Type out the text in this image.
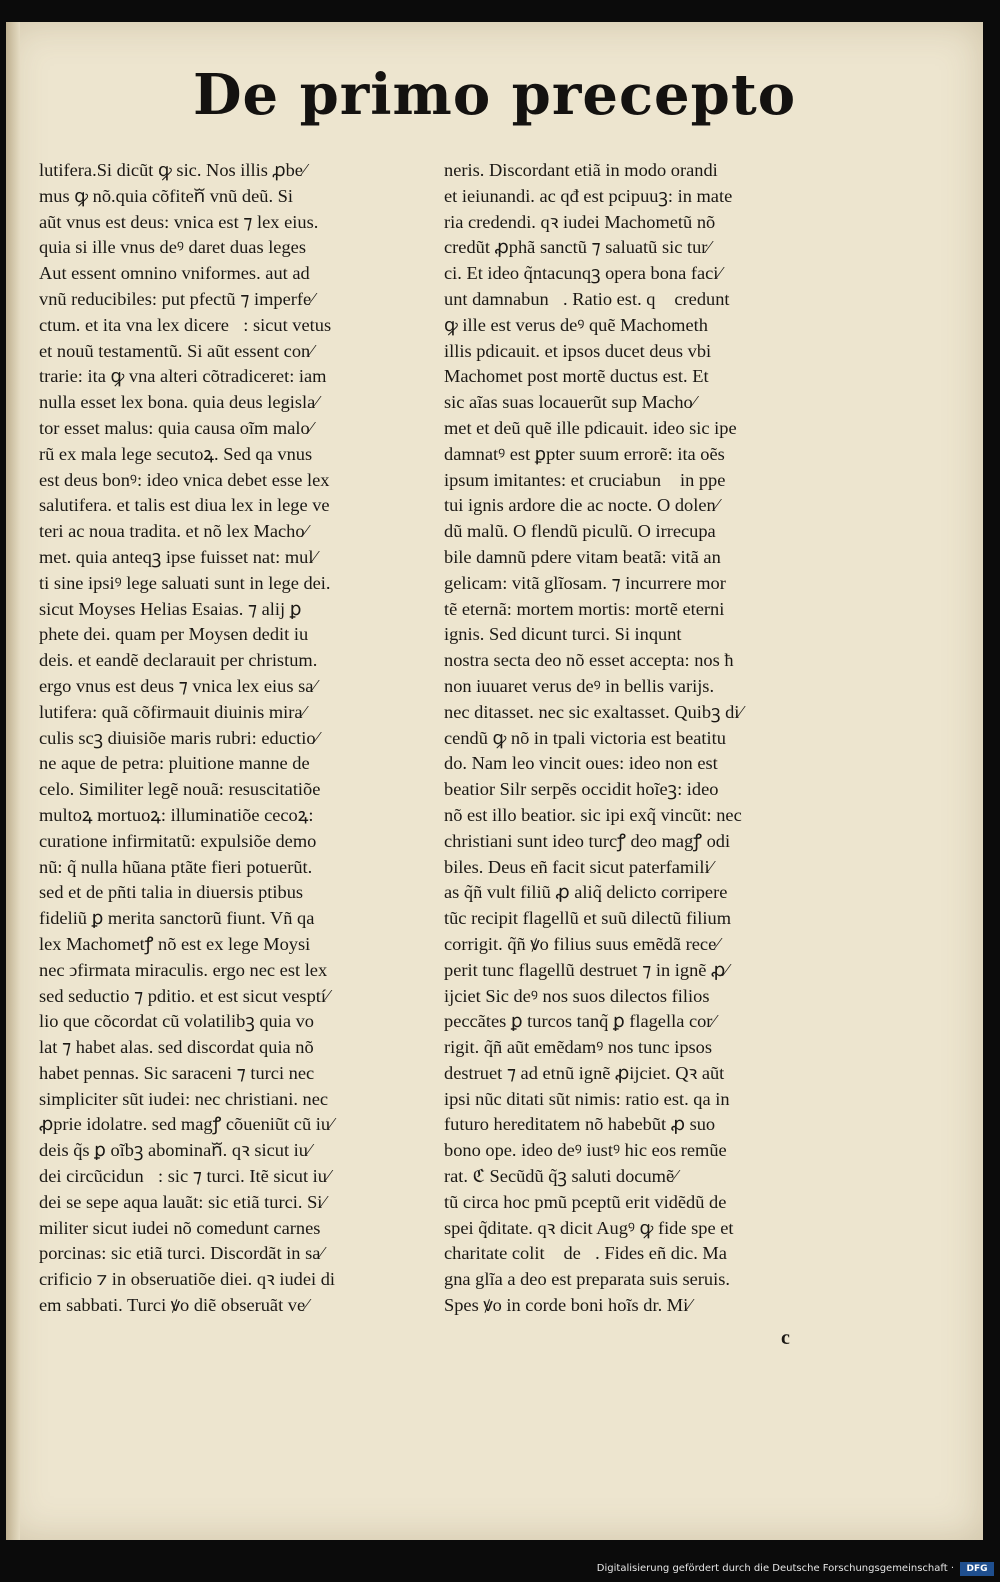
De primo precepto
lutifera.Si dicũt ꝙ sic. Nos illis ꝓbe⁄
mus ꝙ nõ.quia cõfitenᷓ vnũ deũ. Si
aũt vnus est deus: vnica est ⁊ lex eius.
quia si ille vnus deꝰ daret duas leges
Aut essent omnino vniformes. aut ad
vnũ reducibiles: put pfectũ ⁊ imperfe⁄
ctum. et ita vna lex dicereᷓ: sicut vetus
et nouũ testamentũ. Si aũt essent con⁄
trarie: ita ꝙ vna alteri cõtradiceret: iam
nulla esset lex bona. quia deus legisla⁄
tor esset malus: quia causa oĩm malo⁄
rũ ex mala lege secutoꝝ. Sed qa vnus
est deus bonꝰ: ideo vnica debet esse lex
salutifera. et talis est diua lex in lege ve
teri ac noua tradita. et nõ lex Macho⁄
met. quia anteqꝫ ipse fuisset nat: mul⁄
ti sine ipsiꝰ lege saluati sunt in lege dei.
sicut Moyses Helias Esaias. ⁊ alij ꝑ
phete dei. quam per Moysen dedit iu
deis. et eandẽ declarauit per christum.
ergo vnus est deus ⁊ vnica lex eius sa⁄
lutifera: quã cõfirmauit diuinis mira⁄
culis scꝫ diuisiõe maris rubri: eductio⁄
ne aque de petra: pluitione manne de
celo. Similiter legẽ nouã: resuscitatiõe
multoꝝ mortuoꝝ: illuminatiõe cecoꝝ:
curatione infirmitatũ: expulsiõe demo
nũ: q̃ nulla hũana ptãte fieri potuerũt.
sed et de pñti talia in diuersis ptibus
fideliũ ꝑ merita sanctorũ fiunt. Vñ qa
lex Machometꝭ nõ est ex lege Moysi
nec ↄfirmata miraculis. ergo nec est lex
sed seductio ⁊ pditio. et est sicut vesptí⁄
lio que cõcordat cũ volatilibꝫ quia vo
lat ⁊ habet alas. sed discordat quia nõ
habet pennas. Sic saraceni ⁊ turci nec
simpliciter sũt iudei: nec christiani. nec
ꝓprie idolatre. sed magꝭ cõueniũt cũ iu⁄
deis q̃s ꝑ oĩbꝫ abominanᷓ. qꝛ sicut iu⁄
dei circũcidunᷓ: sic ⁊ turci. Itẽ sicut iu⁄
dei se sepe aqua lauãt: sic etiã turci. Si⁄
militer sicut iudei nõ comedunt carnes
porcinas: sic etiã turci. Discordãt in sa⁄
crificio ⁊ in obseruatiõe diei. qꝛ iudei di
em sabbati. Turci ꝟo diẽ obseruãt ve⁄
neris. Discordant etiã in modo orandi
et ieiunandi. ac qđ est pcipuuꝫ: in mate
ria credendi. qꝛ iudei Machometũ nõ
credũt ꝓphã sanctũ ⁊ saluatũ sic tur⁄
ci. Et ideo q̃ntacunqꝫ opera bona faci⁄
unt damnabunᷓ. Ratio est. qꝛ credunt
ꝙ ille est verus deꝰ quẽ Machometh
illis pdicauit. et ipsos ducet deus vbi
Machomet post mortẽ ductus est. Et
sic aĩas suas locauerũt sup Macho⁄
met et deũ quẽ ille pdicauit. ideo sic ipe
damnatꝰ est ꝑpter suum errorẽ: ita oẽs
ipsum imitantes: et cruciabunᷓ in ppe
tui ignis ardore die ac nocte. O dolen⁄
dũ malũ. O flendũ piculũ. O irrecupa
bile damnũ pdere vitam beatã: vitã an
gelicam: vitã glĩosam. ⁊ incurrere mor
tẽ eternã: mortem mortis: mortẽ eterni
ignis. Sed dicunt turci. Si inqunt
nostra secta deo nõ esset accepta: nos ħ
non iuuaret verus deꝰ in bellis varijs.
nec ditasset. nec sic exaltasset. Quibꝫ di⁄
cendũ ꝙ nõ in tpali victoria est beatitu
do. Nam leo vincit oues: ideo non est
beatior Silr serpẽs occidit hoĩeꝫ: ideo
nõ est illo beatior. sic ipi exq̃ vincũt: nec
christiani sunt ideo turcꝭ deo magꝭ odi
biles. Deus eñ facit sicut paterfamili⁄
as q̃ñ vult filiũ ꝓ aliq̃ delicto corripere
tũc recipit flagellũ et suũ dilectũ filium
corrigit. q̃ñ ꝟo filius suus emẽdã rece⁄
perit tunc flagellũ destruet ⁊ in ignẽ ꝓ⁄
ijciet Sic deꝰ nos suos dilectos filios
peccãtes ꝑ turcos tanq̃ ꝑ flagella cor⁄
rigit. q̃ñ aũt emẽdamꝰ nos tunc ipsos
destruet ⁊ ad etnũ ignẽ ꝓijciet. Qꝛ aũt
ipsi nũc ditati sũt nimis: ratio est. qa in
futuro hereditatem nõ habebũt ꝓ suo
bono ope. ideo deꝰ iustꝰ hic eos remũe
rat. ℭ Secũdũ q̃ꝫ saluti documẽ⁄
tũ circa hoc pmũ pceptũ erit vidẽdũ de
spei q̃ditate. qꝛ dicit Augꝰ ꝙ fide spe et
charitate colitᷓ deꝰ. Fides eñ dic. Ma
gna glĩa a deo est preparata suis seruis.
Spes ꝟo in corde boni hoĩs dr. Mi⁄
c
Digitalisierung gefördert durch die Deutsche Forschungsgemeinschaft ·	DFG
